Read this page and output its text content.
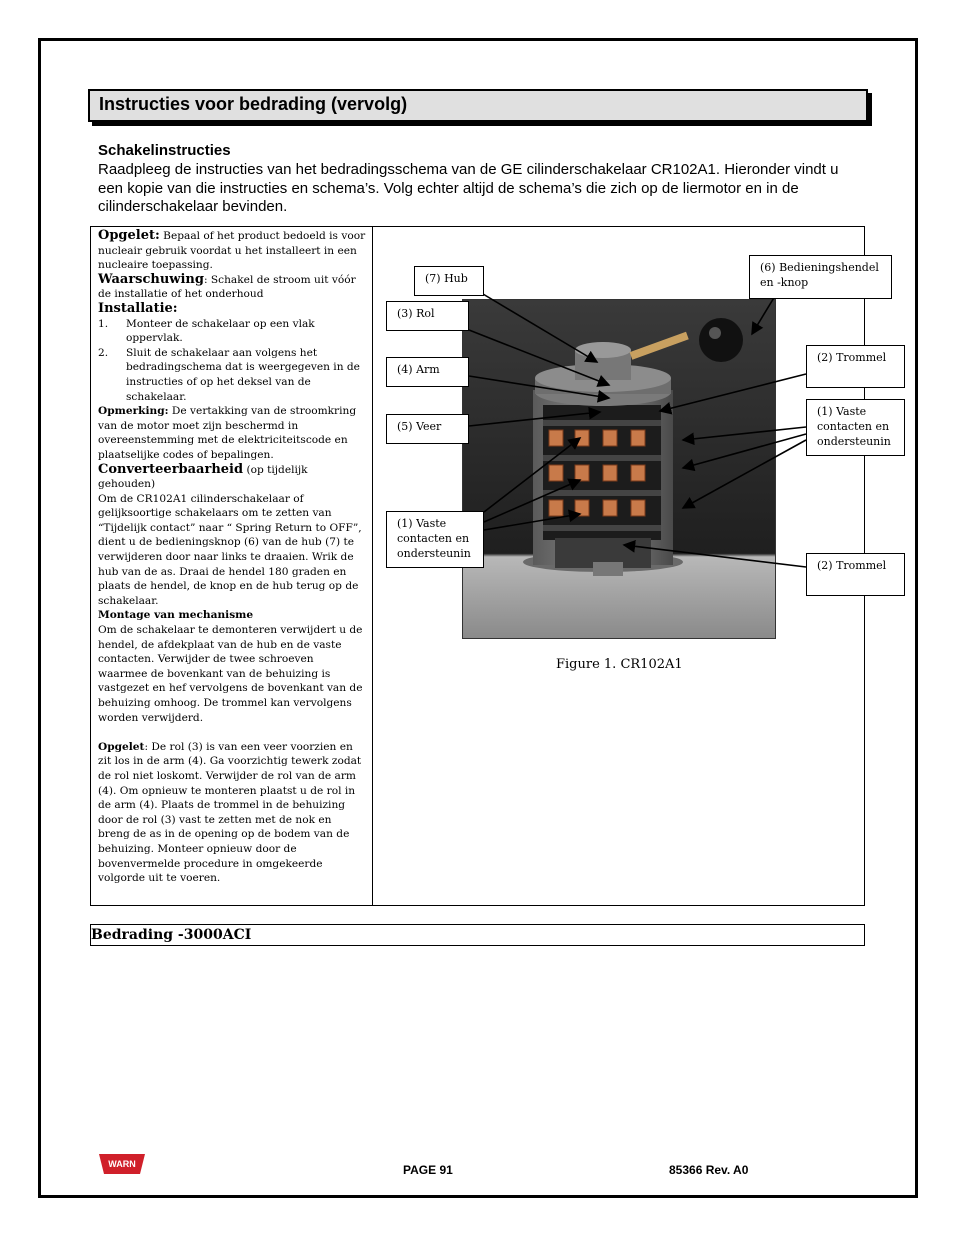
Instructies voor bedrading (vervolg)
Schakelinstructies
Raadpleeg de instructies van het bedradingsschema van de GE cilinderschakelaar CR102A1. Hieronder vindt u een kopie van die instructies en schema’s. Volg echter altijd de schema’s die zich op de liermotor en in de cilinderschakelaar bevinden.

Opgelet: Bepaal of het product bedoeld is voor nucleair gebruik voordat u het installeert in een nucleaire toepassing.

Waarschuwing: Schakel de stroom uit vóór de installatie of het onderhoud

Installatie:

1. Monteer de schakelaar op een vlak oppervlak.
2. Sluit de schakelaar aan volgens het bedradingschema dat is weergegeven in de instructies of op het deksel van de schakelaar.

Opmerking: De vertakking van de stroomkring van de motor moet zijn beschermd in overeenstemming met de elektriciteitscode en plaatselijke codes of bepalingen.

Converteerbaarheid (op tijdelijk gehouden)

Om de CR102A1 cilinderschakelaar of gelijksoortige schakelaars om te zetten van “Tijdelijk contact” naar “ Spring Return to OFF”, dient u de bedieningsknop (6) van de hub (7) te verwijderen door naar links te draaien. Wrik de hub van de as. Draai de hendel 180 graden en plaats de hendel, de knop en de hub terug op de schakelaar.

Montage van mechanisme

Om de schakelaar te demonteren verwijdert u de hendel, de afdekplaat van de hub en de vaste contacten. Verwijder de twee schroeven waarmee de bovenkant van de behuizing is vastgezet en hef vervolgens de bovenkant van de behuizing omhoog. De trommel kan vervolgens worden verwijderd.

Opgelet: De rol (3) is van een veer voorzien en zit los in de arm (4). Ga voorzichtig tewerk zodat de rol niet loskomt. Verwijder de rol van de arm (4). Om opnieuw te monteren plaatst u de rol in de arm (4). Plaats de trommel in de behuizing door de rol (3) vast te zetten met de nok en breng de as in de opening op de bodem van de behuizing. Monteer opnieuw door de bovenvermelde procedure in omgekeerde volgorde uit te voeren.

(7) Hub
(6) Bedieningshendel en -knop
(3) Rol
(4) Arm
(5) Veer
(2) Trommel
(1) Vaste contacten en ondersteunin
(1) Vaste contacten en ondersteunin
(2) Trommel
Figure 1. CR102A1
Bedrading -3000ACI
WARN	PAGE 91	85366 Rev. A0
